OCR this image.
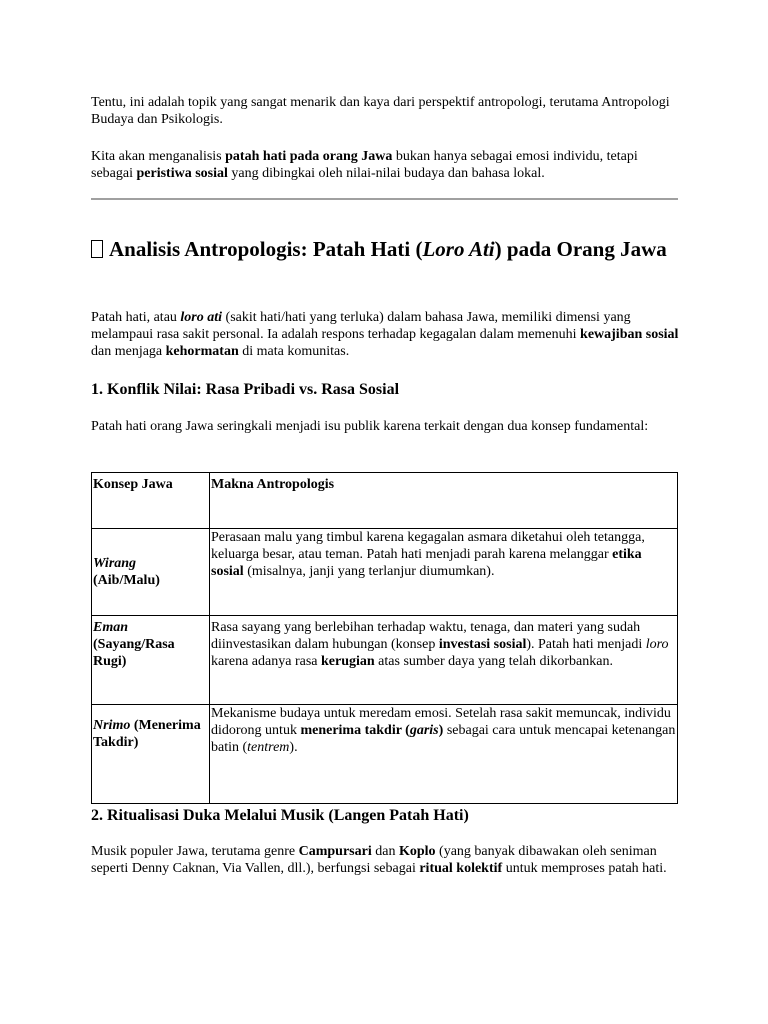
Tentu, ini adalah topik yang sangat menarik dan kaya dari perspektif antropologi, terutama Antropologi Budaya dan Psikologis.

Kita akan menganalisis patah hati pada orang Jawa bukan hanya sebagai emosi individu, tetapi sebagai peristiwa sosial yang dibingkai oleh nilai-nilai budaya dan bahasa lokal.

Analisis Antropologis: Patah Hati (Loro Ati) pada Orang Jawa

Patah hati, atau loro ati (sakit hati/hati yang terluka) dalam bahasa Jawa, memiliki dimensi yang melampaui rasa sakit personal. Ia adalah respons terhadap kegagalan dalam memenuhi kewajiban sosial dan menjaga kehormatan di mata komunitas.

1. Konflik Nilai: Rasa Pribadi vs. Rasa Sosial

Patah hati orang Jawa seringkali menjadi isu publik karena terkait dengan dua konsep fundamental:

Konsep Jawa	Makna Antropologis
Wirang
(Aib/Malu)	Perasaan malu yang timbul karena kegagalan asmara diketahui oleh tetangga, keluarga besar, atau teman. Patah hati menjadi parah karena melanggar etika sosial (misalnya, janji yang terlanjur diumumkan).
Eman
(Sayang/Rasa Rugi)	Rasa sayang yang berlebihan terhadap waktu, tenaga, dan materi yang sudah diinvestasikan dalam hubungan (konsep investasi sosial). Patah hati menjadi loro karena adanya rasa kerugian atas sumber daya yang telah dikorbankan.
Nrimo (Menerima Takdir)	Mekanisme budaya untuk meredam emosi. Setelah rasa sakit memuncak, individu didorong untuk menerima takdir (garis) sebagai cara untuk mencapai ketenangan batin (tentrem).
2. Ritualisasi Duka Melalui Musik (Langen Patah Hati)

Musik populer Jawa, terutama genre Campursari dan Koplo (yang banyak dibawakan oleh seniman seperti Denny Caknan, Via Vallen, dll.), berfungsi sebagai ritual kolektif untuk memproses patah hati.
